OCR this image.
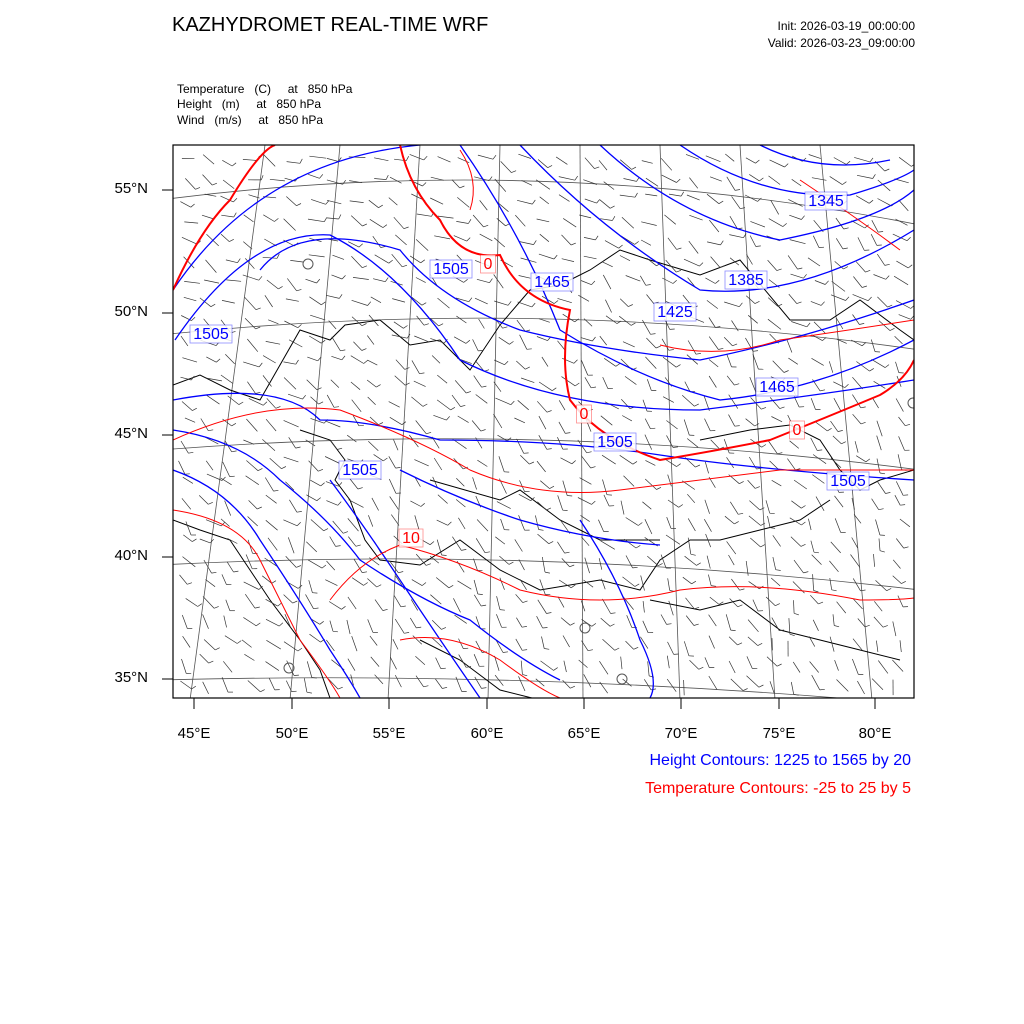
KAZHYDROMET REAL-TIME WRF	Init: 2026-03-19_00:00:00
Valid: 2026-03-23_09:00:00
Temperature   (C)     at   850 hPa
Height   (m)     at   850 hPa
Wind   (m/s)     at   850 hPa
1345
1385
1425
1465
1465
1505
1505
1505
1505
1505
0
0
0
10
55°N
50°N
45°N
40°N
35°N
45°E	50°E	55°E	60°E	65°E	70°E	75°E	80°E
Height Contours: 1225 to 1565 by 20
Temperature Contours: -25 to 25 by 5
